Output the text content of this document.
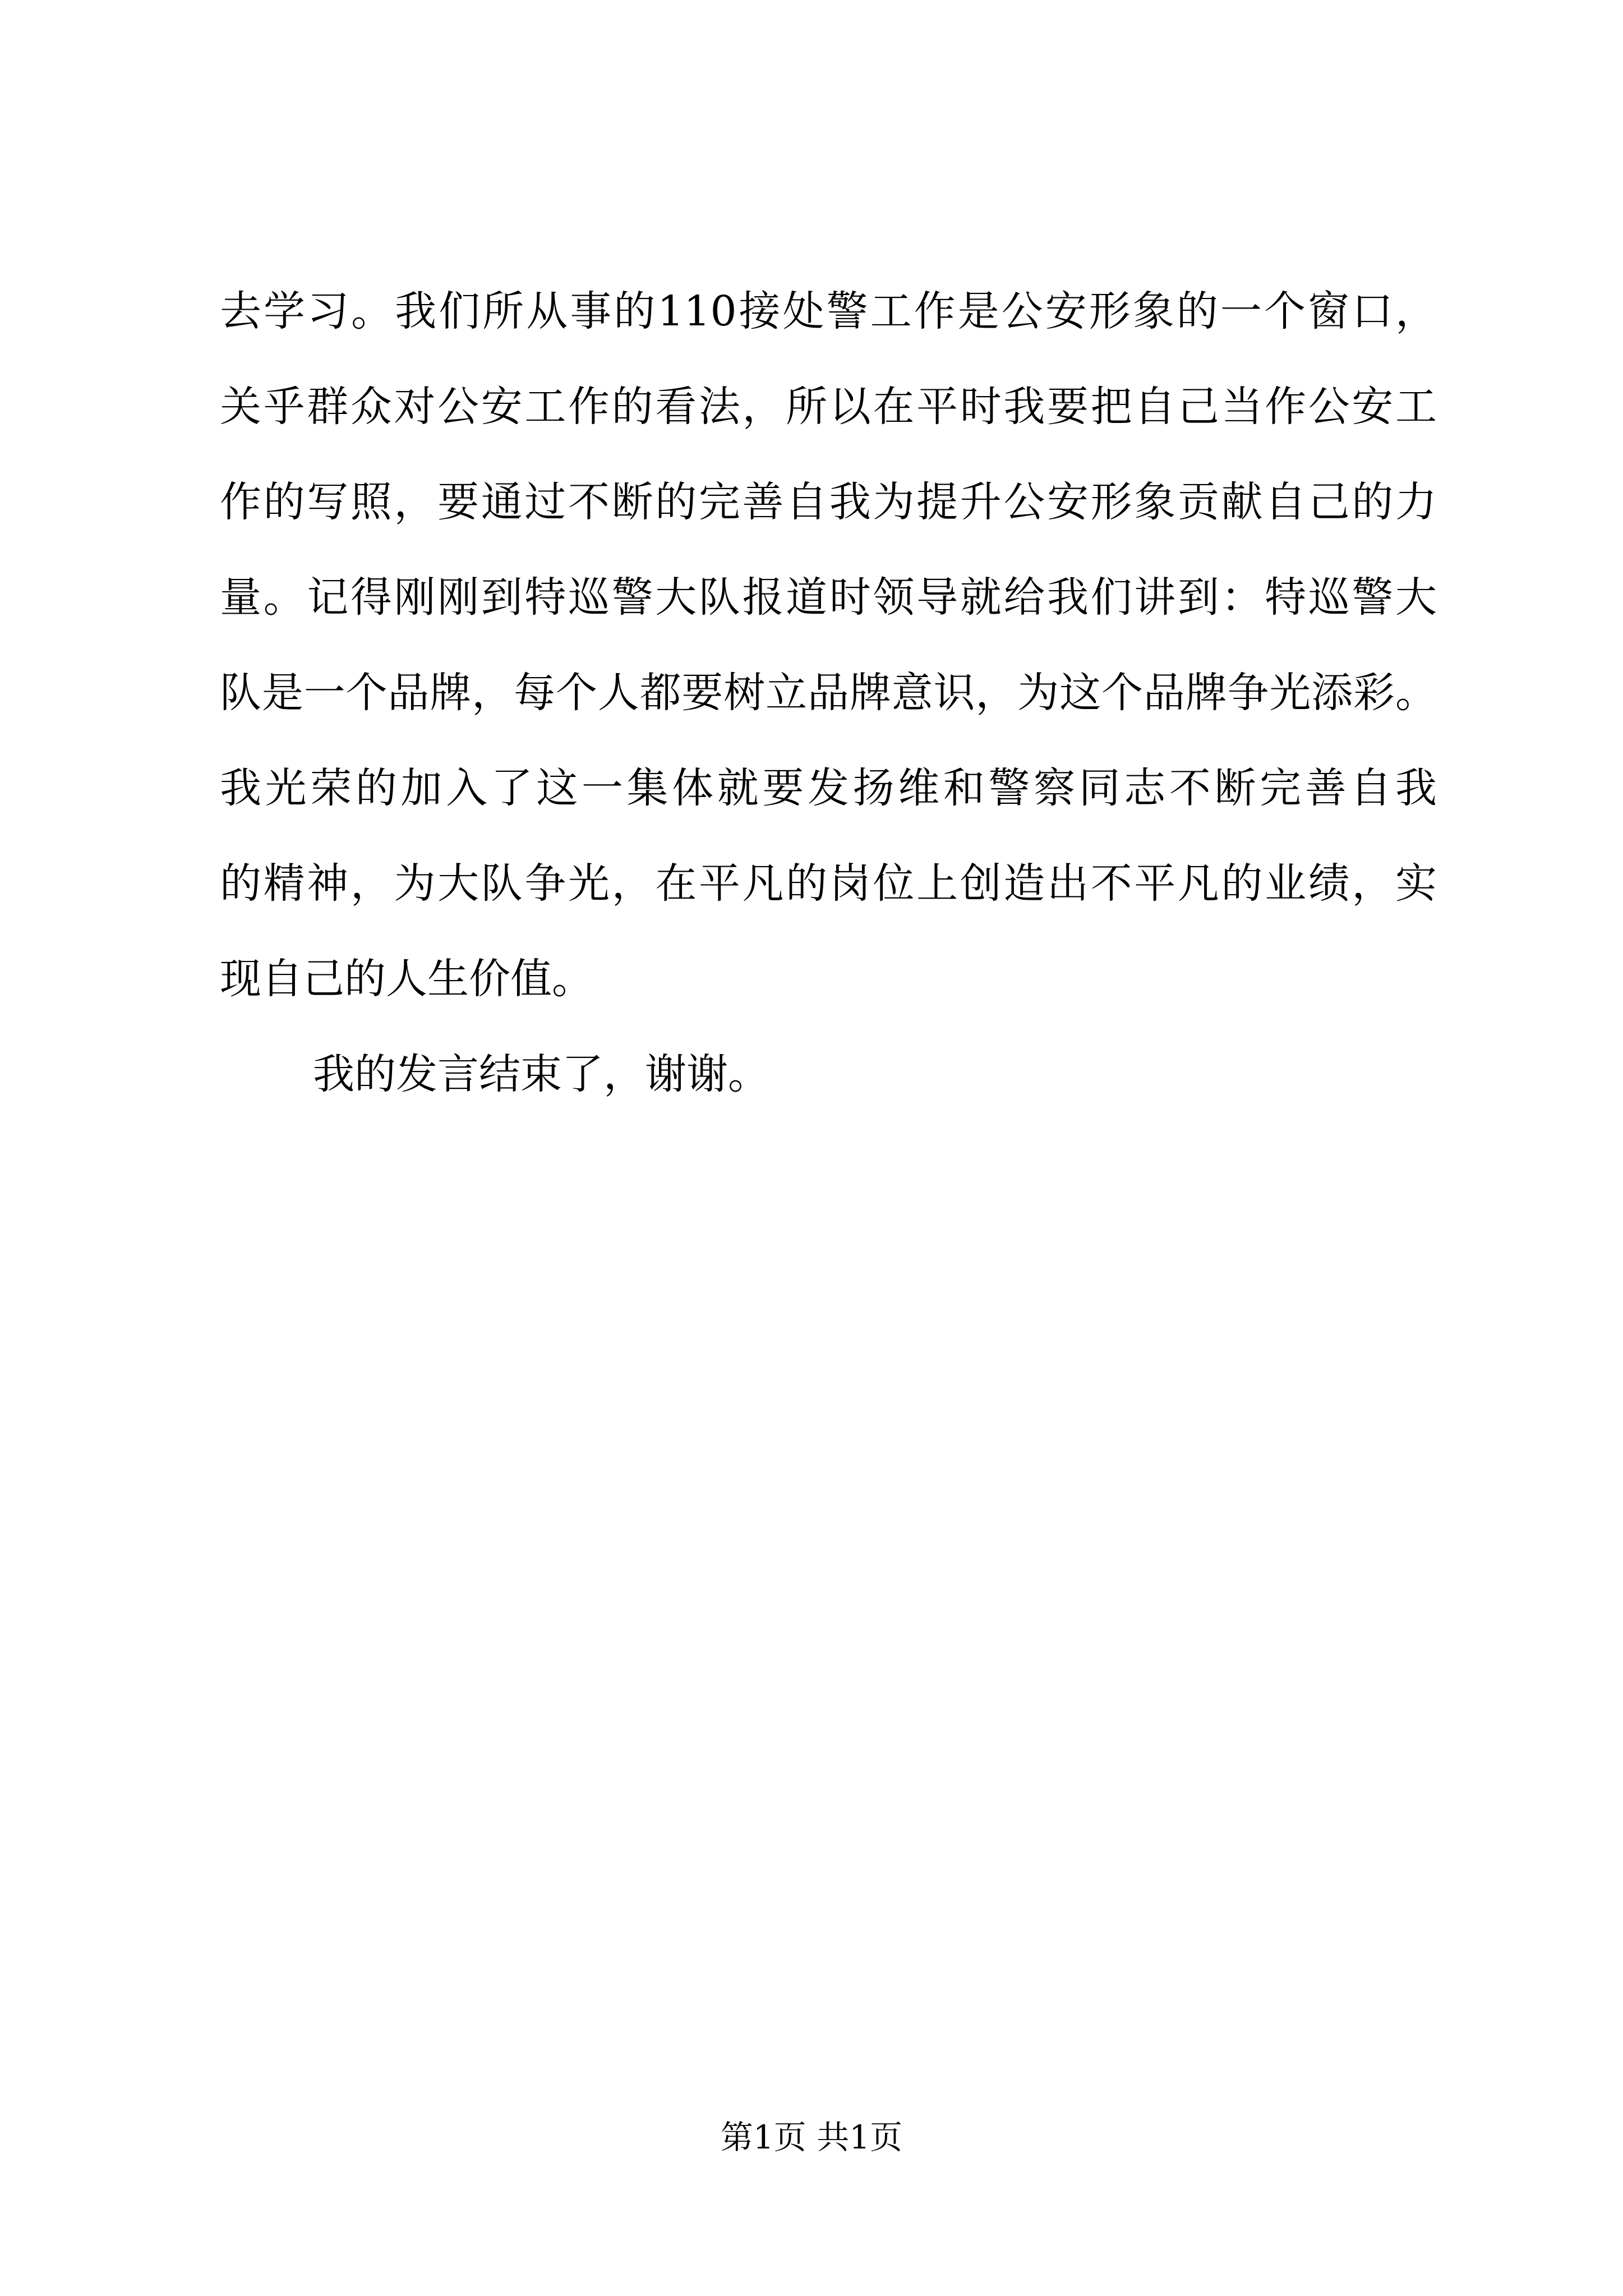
去学习。我们所从事的110接处警工作是公安形象的一个窗口，
关乎群众对公安工作的看法，所以在平时我要把自己当作公安工
作的写照，要通过不断的完善自我为提升公安形象贡献自己的力
量。记得刚刚到特巡警大队报道时领导就给我们讲到：特巡警大
队是一个品牌，每个人都要树立品牌意识，为这个品牌争光添彩。
我光荣的加入了这一集体就要发扬维和警察同志不断完善自我
的精神，为大队争光，在平凡的岗位上创造出不平凡的业绩，实
现自己的人生价值。
我的发言结束了，谢谢。
第1页 共1页
